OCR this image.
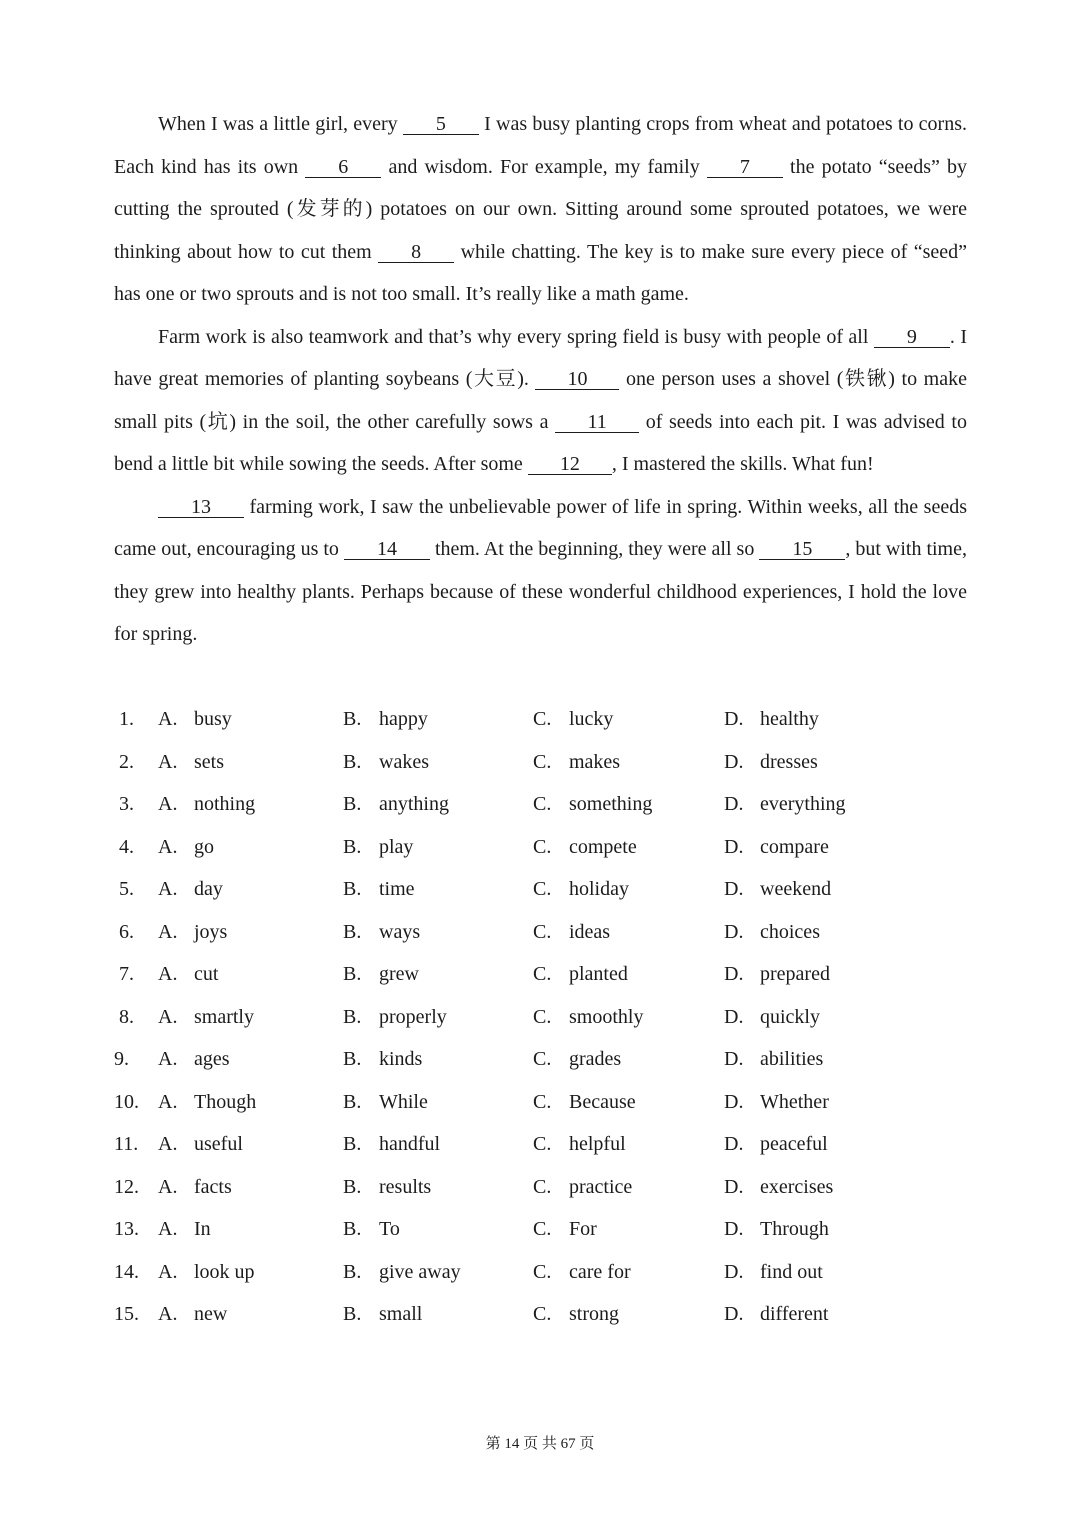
When I was a little girl, every 5 I was busy planting crops from wheat and potatoes to corns. Each kind has its own 6 and wisdom. For example, my family 7 the potato “seeds” by cutting the sprouted (发芽的) potatoes on our own. Sitting around some sprouted potatoes, we were thinking about how to cut them 8 while chatting. The key is to make sure every piece of “seed” has one or two sprouts and is not too small. It’s really like a math game.

Farm work is also teamwork and that’s why every spring field is busy with people of all 9 . I have great memories of planting soybeans (大豆). 10 one person uses a shovel (铁锹) to make small pits (坑) in the soil, the other carefully sows a 11 of seeds into each pit. I was advised to bend a little bit while sowing the seeds. After some 12 , I mastered the skills. What fun!

13 farming work, I saw the unbelievable power of life in spring. Within weeks, all the seeds came out, encouraging us to 14 them. At the beginning, they were all so 15 , but with time, they grew into healthy plants. Perhaps because of these wonderful childhood experiences, I hold the love for spring.

1. A. busy	B. happy	C. lucky	D. healthy
2. A. sets	B. wakes	C. makes	D. dresses
3. A. nothing	B. anything	C. something	D. everything
4. A. go	B. play	C. compete	D. compare
5. A. day	B. time	C. holiday	D. weekend
6. A. joys	B. ways	C. ideas	D. choices
7. A. cut	B. grew	C. planted	D. prepared
8. A. smartly	B. properly	C. smoothly	D. quickly
9. A. ages	B. kinds	C. grades	D. abilities
10. A. Though	B. While	C. Because	D. Whether
11. A. useful	B. handful	C. helpful	D. peaceful
12. A. facts	B. results	C. practice	D. exercises
13. A. In	B. To	C. For	D. Through
14. A. look up	B. give away	C. care for	D. find out
15. A. new	B. small	C. strong	D. different
第 14 页 共 67 页
